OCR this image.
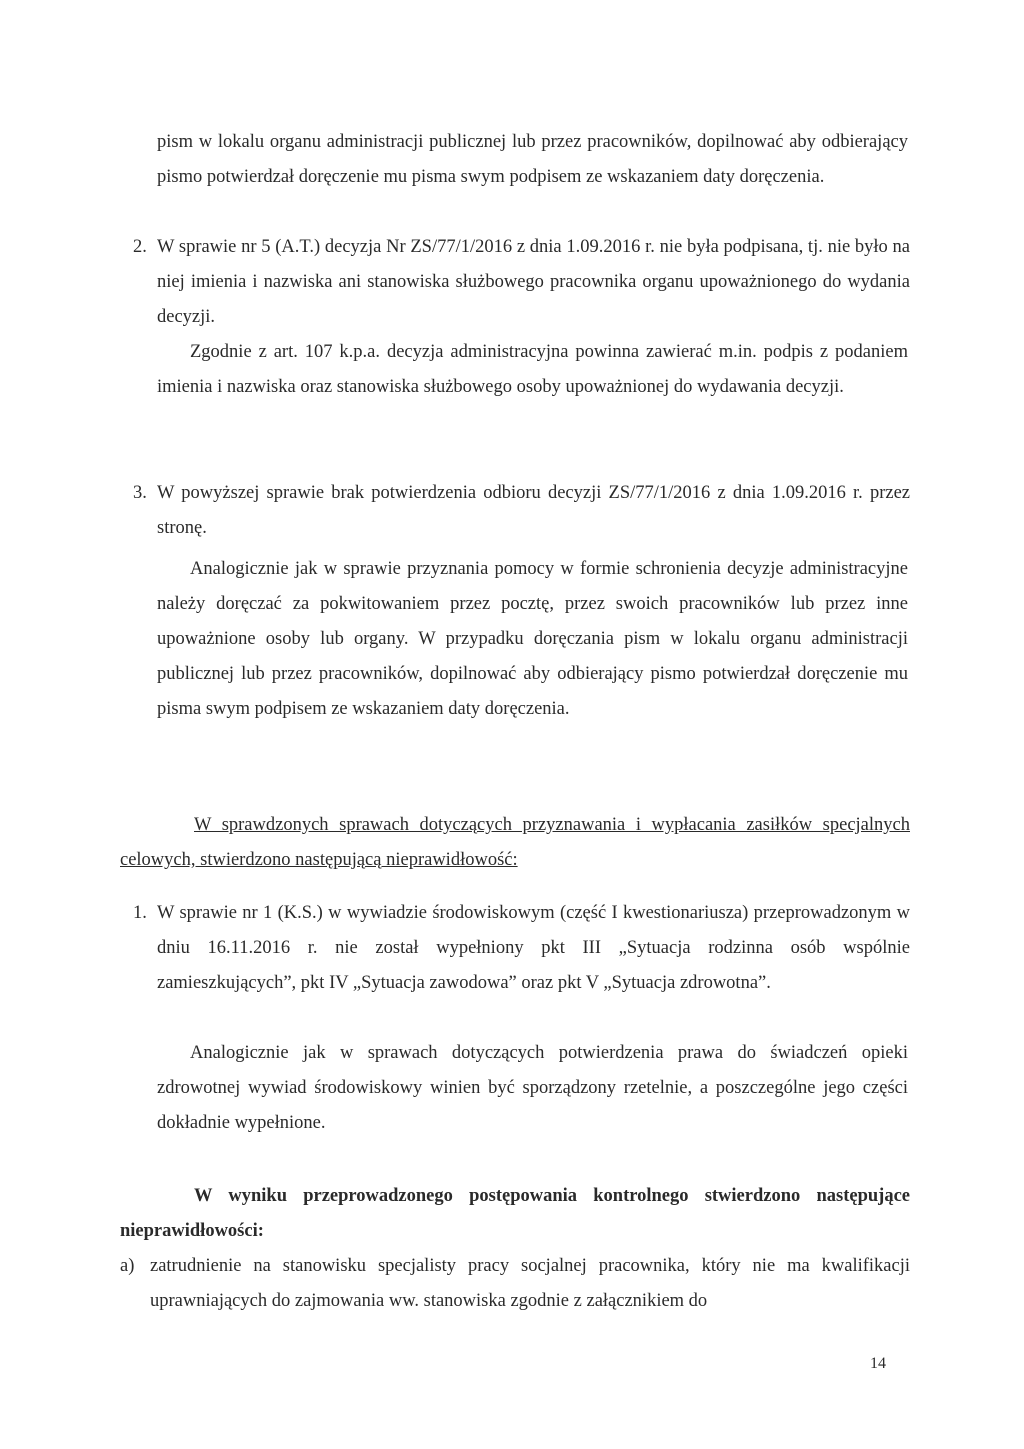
pism w lokalu organu administracji publicznej lub przez pracowników, dopilnować aby odbierający pismo potwierdzał doręczenie mu pisma swym podpisem ze wskazaniem daty doręczenia.

2. W sprawie nr 5 (A.T.) decyzja Nr ZS/77/1/2016 z dnia 1.09.2016 r. nie była podpisana, tj. nie było na niej imienia i nazwiska ani stanowiska służbowego pracownika organu upoważnionego do wydania decyzji.

Zgodnie z art. 107 k.p.a. decyzja administracyjna powinna zawierać m.in. podpis z podaniem imienia i nazwiska oraz stanowiska służbowego osoby upoważnionej do wydawania decyzji.

3. W powyższej sprawie brak potwierdzenia odbioru decyzji ZS/77/1/2016 z dnia 1.09.2016 r. przez stronę.

Analogicznie jak w sprawie przyznania pomocy w formie schronienia decyzje administracyjne należy doręczać za pokwitowaniem przez pocztę, przez swoich pracowników lub przez inne upoważnione osoby lub organy. W przypadku doręczania pism w lokalu organu administracji publicznej lub przez pracowników, dopilnować aby odbierający pismo potwierdzał doręczenie mu pisma swym podpisem ze wskazaniem daty doręczenia.

W sprawdzonych sprawach dotyczących przyznawania i wypłacania zasiłków specjalnych celowych, stwierdzono następującą nieprawidłowość:

1. W sprawie nr 1 (K.S.) w wywiadzie środowiskowym (część I kwestionariusza) przeprowadzonym w dniu 16.11.2016 r. nie został wypełniony pkt III „Sytuacja rodzinna osób wspólnie zamieszkujących”, pkt IV „Sytuacja zawodowa” oraz pkt V „Sytuacja zdrowotna”.

Analogicznie jak w sprawach dotyczących potwierdzenia prawa do świadczeń opieki zdrowotnej wywiad środowiskowy winien być sporządzony rzetelnie, a poszczególne jego części dokładnie wypełnione.

W wyniku przeprowadzonego postępowania kontrolnego stwierdzono następujące nieprawidłowości:

a) zatrudnienie na stanowisku specjalisty pracy socjalnej pracownika, który nie ma kwalifikacji uprawniających do zajmowania ww. stanowiska zgodnie z załącznikiem do

14
